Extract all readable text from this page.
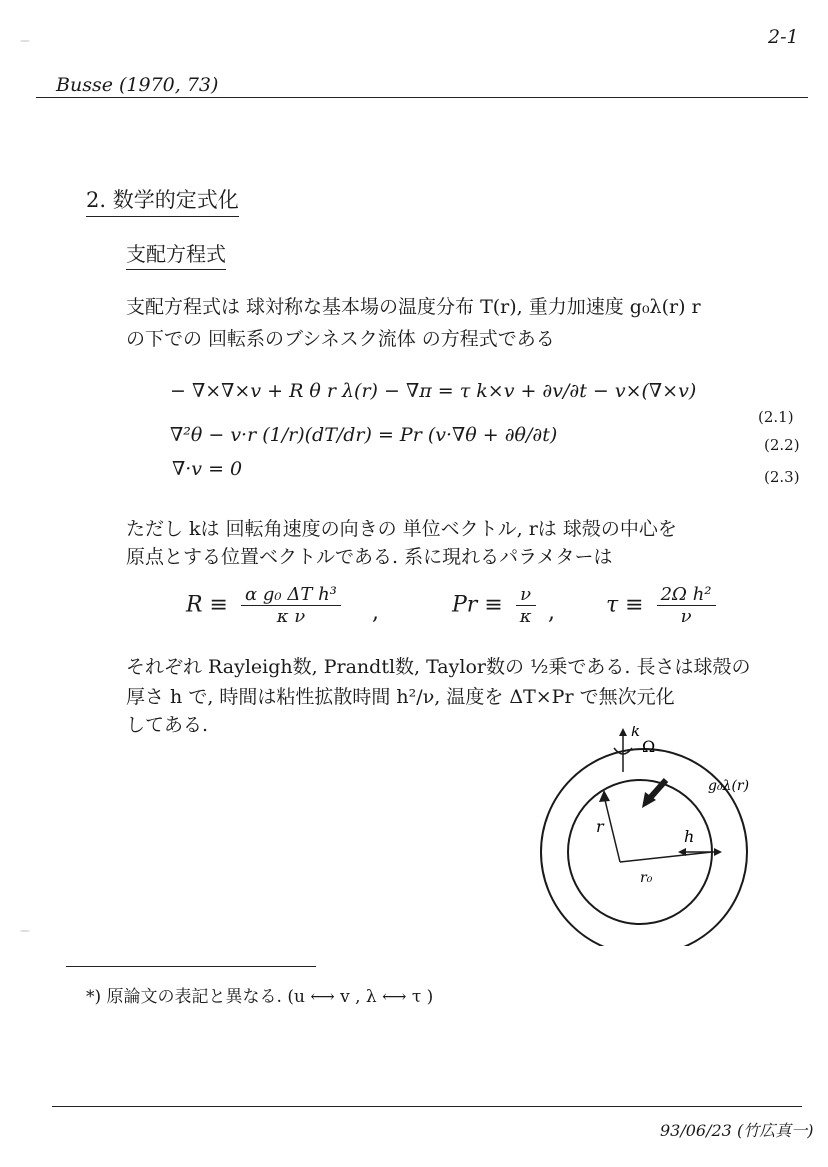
2-1
Busse (1970, 73)
2. 数学的定式化
支配方程式
支配方程式は 球対称な基本場の温度分布 T(r), 重力加速度 g₀λ(r) r
の下での 回転系のブシネスク流体 の方程式である
− ∇×∇×v + R θ r λ(r) − ∇π = τ k×v + ∂v/∂t − v×(∇×v)
(2.1)
∇²θ − v·r (1/r)(dT/dr) = Pr (v·∇θ + ∂θ/∂t)	(2.2)
∇·v = 0	(2.3)
ただし kは 回転角速度の向きの 単位ベクトル, rは 球殻の中心を
原点とする位置ベクトルである. 系に現れるパラメターは
$R \equiv \frac{\text{α g₀ ΔT h³}}{\text{κ ν}}$ ,	$Pr \equiv \frac{\nu}{\kappa}$ , $\tau \equiv \frac{\text{2Ω h²}}{\nu}$
それぞれ Rayleigh数, Prandtl数, Taylor数の ½乗である. 長さは球殻の
厚さ h で, 時間は粘性拡散時間 h²/ν, 温度を ΔT×Pr で無次元化
してある.	k
Ω
g₀λ(r)
r
r₀
h
*) 原論文の表記と異なる. (u ⟷ v , λ ⟷ τ )
93/06/23 (竹広真一)
